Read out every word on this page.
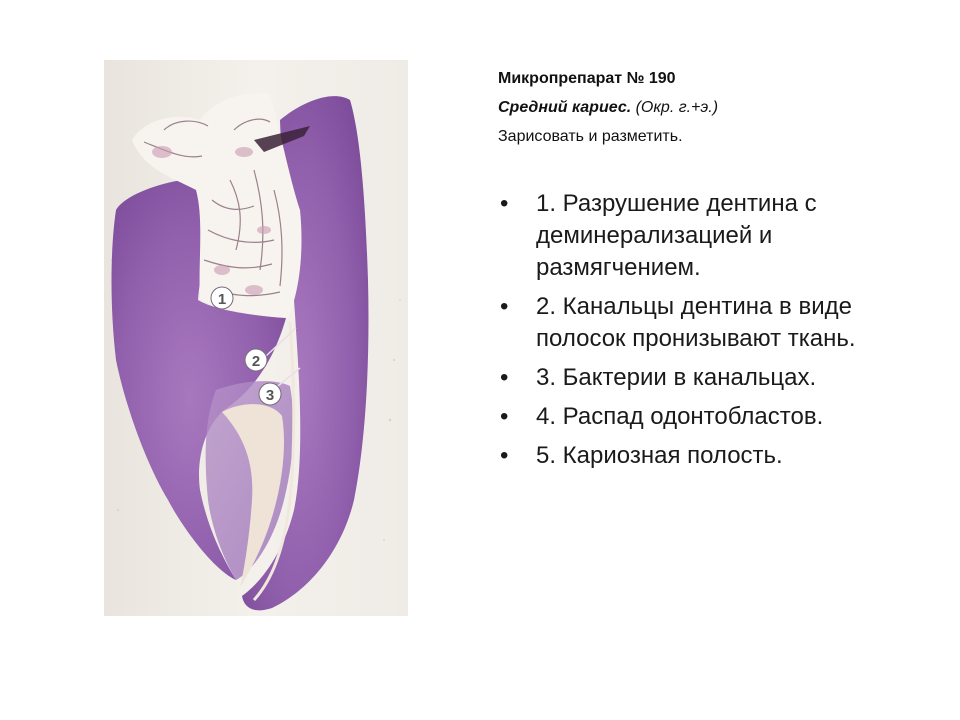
1
2
3
Микропрепарат № 190
Средний кариес. (Окр. г.+э.)
Зарисовать и разметить.
• 1. Разрушение дентина с деминерализацией и размягчением.
• 2. Канальцы дентина в виде полосок пронизывают ткань.
• 3. Бактерии в канальцах.
• 4. Распад одонтобластов.
• 5. Кариозная полость.
